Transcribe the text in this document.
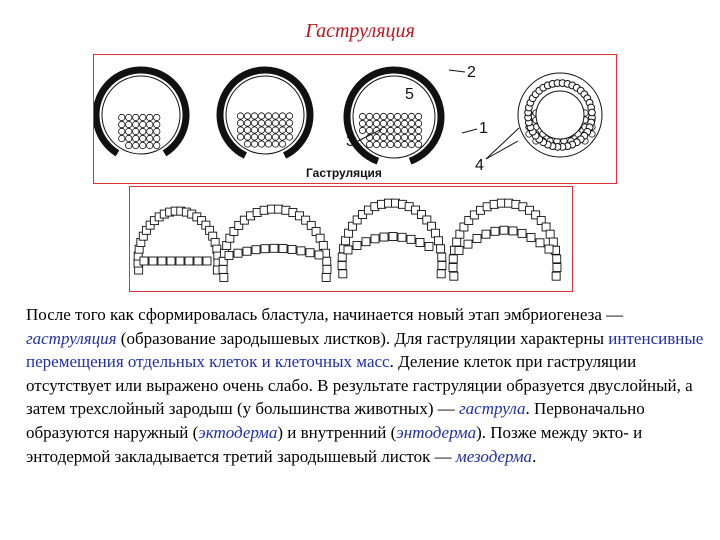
Гаструляция
Гаструляция
2
5
1
3
4
После того как сформировалась бластула, начинается новый этап эмбриогенеза — гаструляция (образование зародышевых листков). Для гаструляции характерны интенсивные перемещения отдельных клеток и клеточных масс. Деление клеток при гаструляции отсутствует или выражено очень слабо. В результате гаструляции образуется двуслойный, а затем трехслойный зародыш (у большинства животных) — гаструла. Первоначально образуются наружный (эктодерма) и внутренний (энтодерма). Позже между экто- и энтодермой закладывается третий зародышевый листок — мезодерма.
